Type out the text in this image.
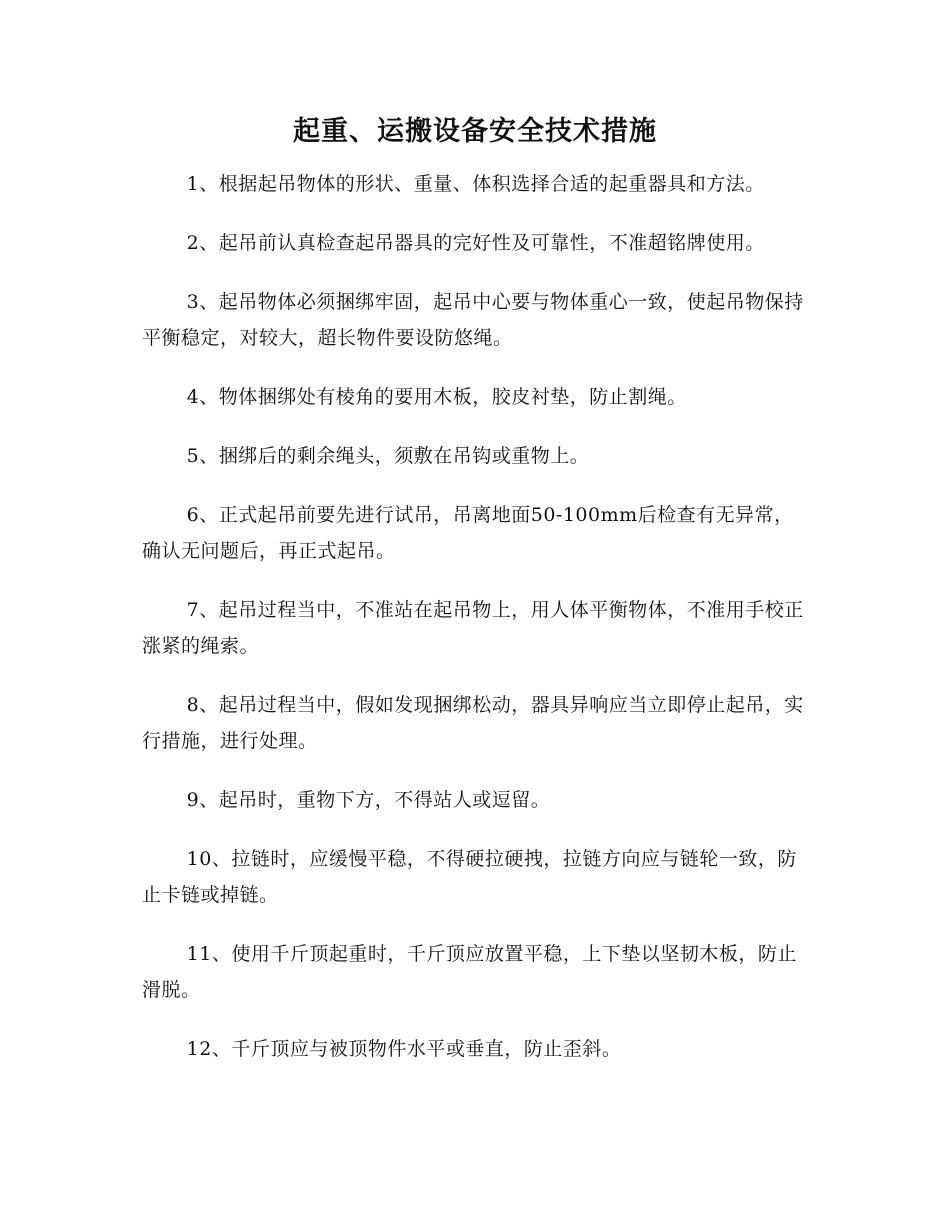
起重、运搬设备安全技术措施

1、根据起吊物体的形状、重量、体积选择合适的起重器具和方法。

2、起吊前认真检查起吊器具的完好性及可靠性，不准超铭牌使用。

3、起吊物体必须捆绑牢固，起吊中心要与物体重心一致，使起吊物保持平衡稳定，对较大，超长物件要设防悠绳。

4、物体捆绑处有棱角的要用木板，胶皮衬垫，防止割绳。

5、捆绑后的剩余绳头，须敷在吊钩或重物上。

6、正式起吊前要先进行试吊，吊离地面50-100mm后检查有无异常，确认无问题后，再正式起吊。

7、起吊过程当中，不准站在起吊物上，用人体平衡物体，不准用手校正涨紧的绳索。

8、起吊过程当中，假如发现捆绑松动，器具异响应当立即停止起吊，实行措施，进行处理。

9、起吊时，重物下方，不得站人或逗留。

10、拉链时，应缓慢平稳，不得硬拉硬拽，拉链方向应与链轮一致，防止卡链或掉链。

11、使用千斤顶起重时，千斤顶应放置平稳，上下垫以坚韧木板，防止滑脱。

12、千斤顶应与被顶物件水平或垂直，防止歪斜。
